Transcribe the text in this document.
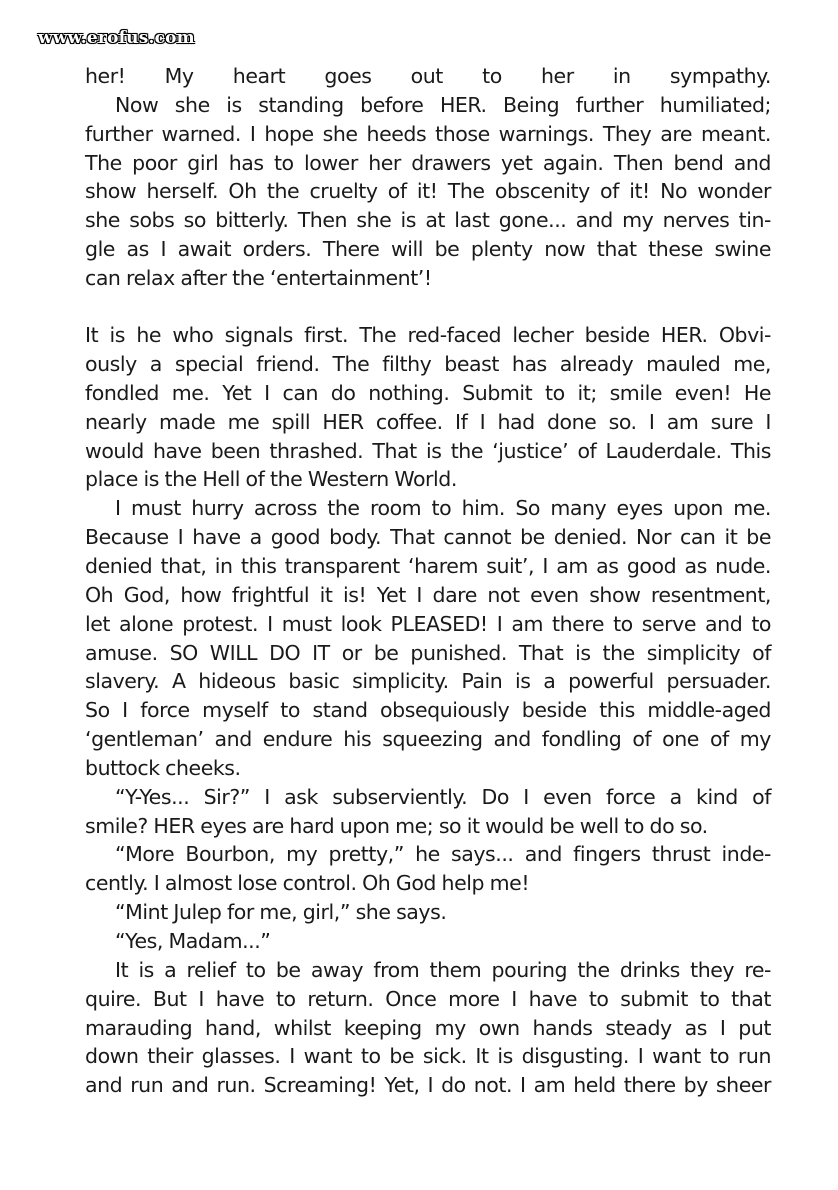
www.erofus.com
her! My heart goes out to her in sympathy.
Now she is standing before HER. Being further humiliated;
further warned. I hope she heeds those warnings. They are meant.
The poor girl has to lower her drawers yet again. Then bend and
show herself. Oh the cruelty of it! The obscenity of it! No wonder
she sobs so bitterly. Then she is at last gone... and my nerves tin-
gle as I await orders. There will be plenty now that these swine
can relax after the ‘entertainment’!
It is he who signals first. The red-faced lecher beside HER. Obvi-
ously a special friend. The filthy beast has already mauled me,
fondled me. Yet I can do nothing. Submit to it; smile even! He
nearly made me spill HER coffee. If I had done so. I am sure I
would have been thrashed. That is the ‘justice’ of Lauderdale. This
place is the Hell of the Western World.
I must hurry across the room to him. So many eyes upon me.
Because I have a good body. That cannot be denied. Nor can it be
denied that, in this transparent ‘harem suit’, I am as good as nude.
Oh God, how frightful it is! Yet I dare not even show resentment,
let alone protest. I must look PLEASED! I am there to serve and to
amuse. SO WILL DO IT or be punished. That is the simplicity of
slavery. A hideous basic simplicity. Pain is a powerful persuader.
So I force myself to stand obsequiously beside this middle-aged
‘gentleman’ and endure his squeezing and fondling of one of my
buttock cheeks.
“Y-Yes... Sir?” I ask subserviently. Do I even force a kind of
smile? HER eyes are hard upon me; so it would be well to do so.
“More Bourbon, my pretty,” he says... and fingers thrust inde-
cently. I almost lose control. Oh God help me!
“Mint Julep for me, girl,” she says.
“Yes, Madam...”
It is a relief to be away from them pouring the drinks they re-
quire. But I have to return. Once more I have to submit to that
marauding hand, whilst keeping my own hands steady as I put
down their glasses. I want to be sick. It is disgusting. I want to run
and run and run. Screaming! Yet, I do not. I am held there by sheer
